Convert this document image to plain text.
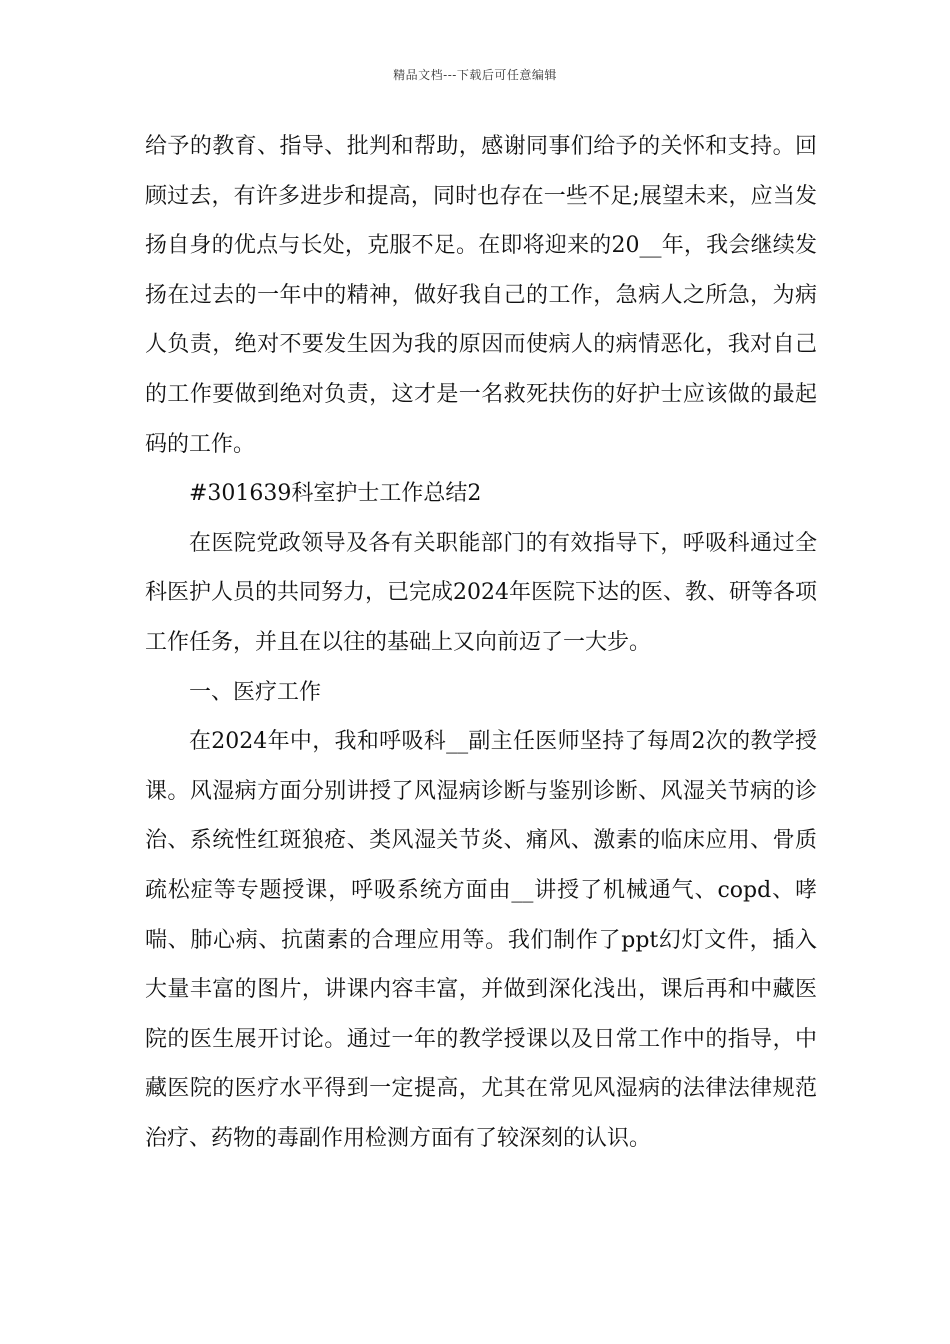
精品文档---下载后可任意编辑

给予的教育、指导、批判和帮助，感谢同事们给予的关怀和支持。回顾过去，有许多进步和提高，同时也存在一些不足;展望未来，应当发扬自身的优点与长处，克服不足。在即将迎来的20__年，我会继续发扬在过去的一年中的精神，做好我自己的工作，急病人之所急，为病人负责，绝对不要发生因为我的原因而使病人的病情恶化，我对自己的工作要做到绝对负责，这才是一名救死扶伤的好护士应该做的最起码的工作。

#301639科室护士工作总结2

在医院党政领导及各有关职能部门的有效指导下，呼吸科通过全科医护人员的共同努力，已完成2024年医院下达的医、教、研等各项工作任务，并且在以往的基础上又向前迈了一大步。

一、医疗工作

在2024年中，我和呼吸科__副主任医师坚持了每周2次的教学授课。风湿病方面分别讲授了风湿病诊断与鉴别诊断、风湿关节病的诊治、系统性红斑狼疮、类风湿关节炎、痛风、激素的临床应用、骨质疏松症等专题授课，呼吸系统方面由__讲授了机械通气、copd、哮喘、肺心病、抗菌素的合理应用等。我们制作了ppt幻灯文件，插入大量丰富的图片，讲课内容丰富，并做到深化浅出，课后再和中藏医院的医生展开讨论。通过一年的教学授课以及日常工作中的指导，中藏医院的医疗水平得到一定提高，尤其在常见风湿病的法律法律规范治疗、药物的毒副作用检测方面有了较深刻的认识。
